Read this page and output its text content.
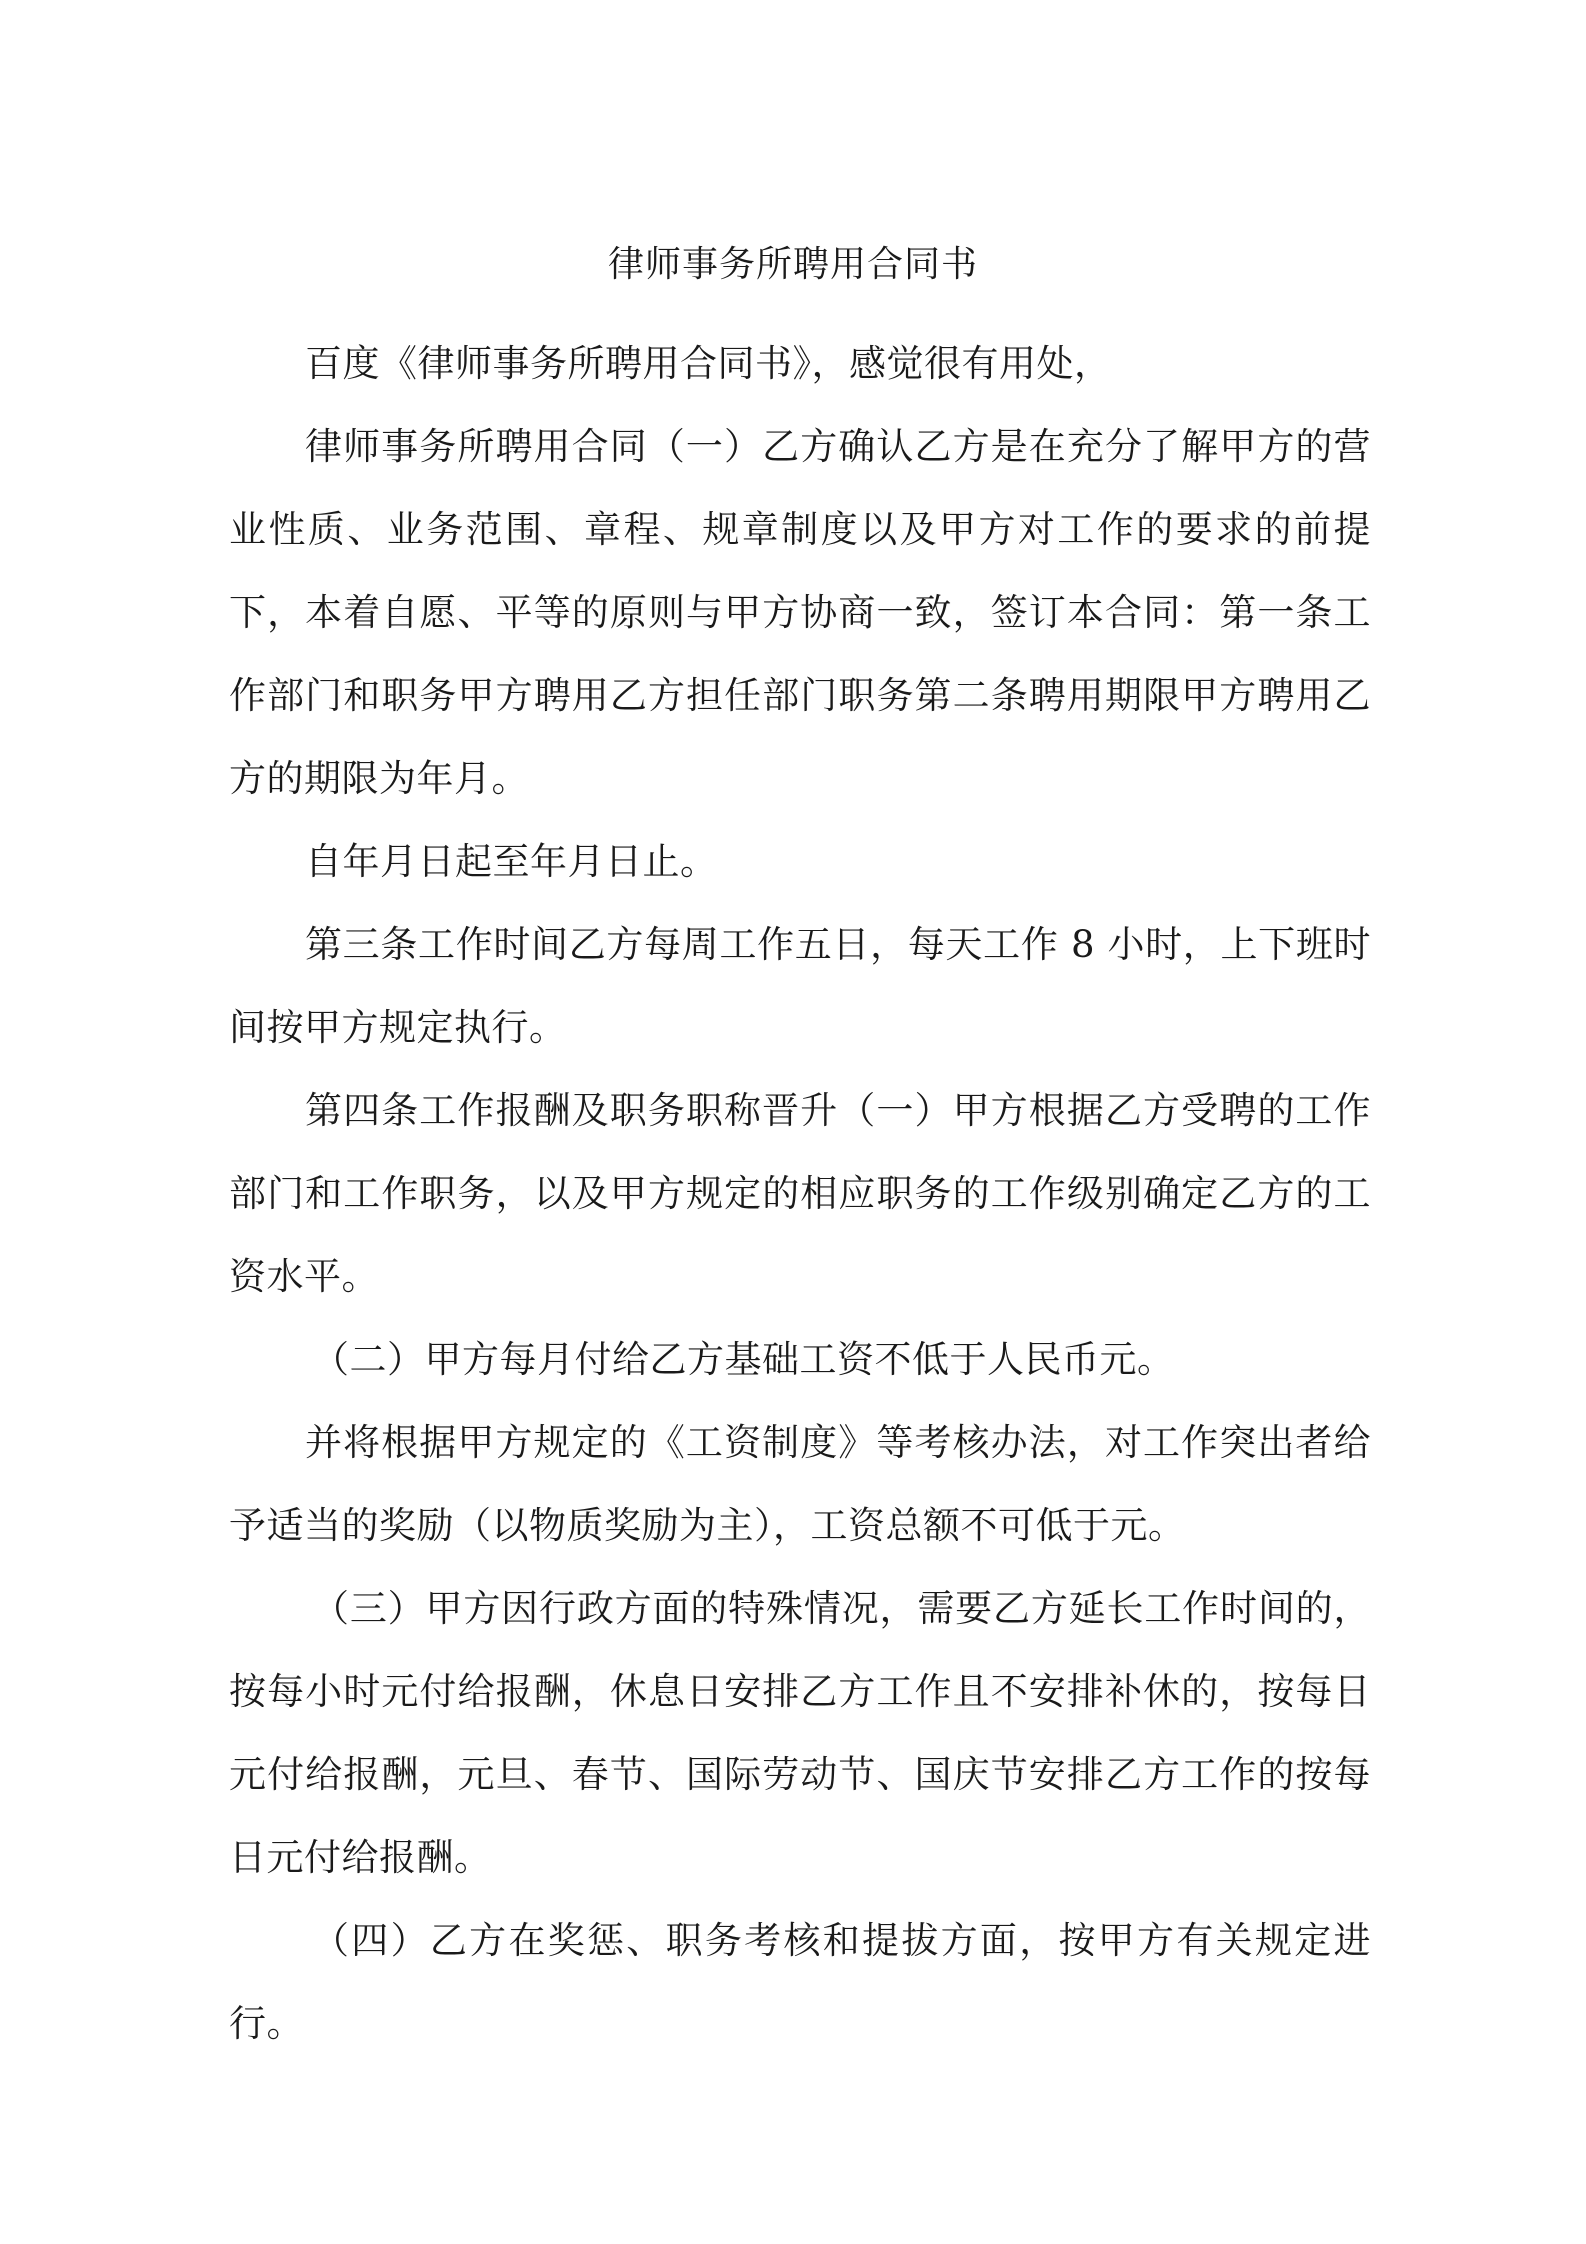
律师事务所聘用合同书

百度《律师事务所聘用合同书》，感觉很有用处，

律师事务所聘用合同（一）乙方确认乙方是在充分了解甲方的营业性质、业务范围、章程、规章制度以及甲方对工作的要求的前提下，本着自愿、平等的原则与甲方协商一致，签订本合同：第一条工作部门和职务甲方聘用乙方担任部门职务第二条聘用期限甲方聘用乙方的期限为年月。

自年月日起至年月日止。

第三条工作时间乙方每周工作五日，每天工作 8 小时，上下班时间按甲方规定执行。

第四条工作报酬及职务职称晋升（一）甲方根据乙方受聘的工作部门和工作职务，以及甲方规定的相应职务的工作级别确定乙方的工资水平。

（二）甲方每月付给乙方基础工资不低于人民币元。

并将根据甲方规定的《工资制度》等考核办法，对工作突出者给予适当的奖励（以物质奖励为主），工资总额不可低于元。

（三）甲方因行政方面的特殊情况，需要乙方延长工作时间的，按每小时元付给报酬，休息日安排乙方工作且不安排补休的，按每日元付给报酬，元旦、春节、国际劳动节、国庆节安排乙方工作的按每日元付给报酬。

（四）乙方在奖惩、职务考核和提拔方面，按甲方有关规定进行。
